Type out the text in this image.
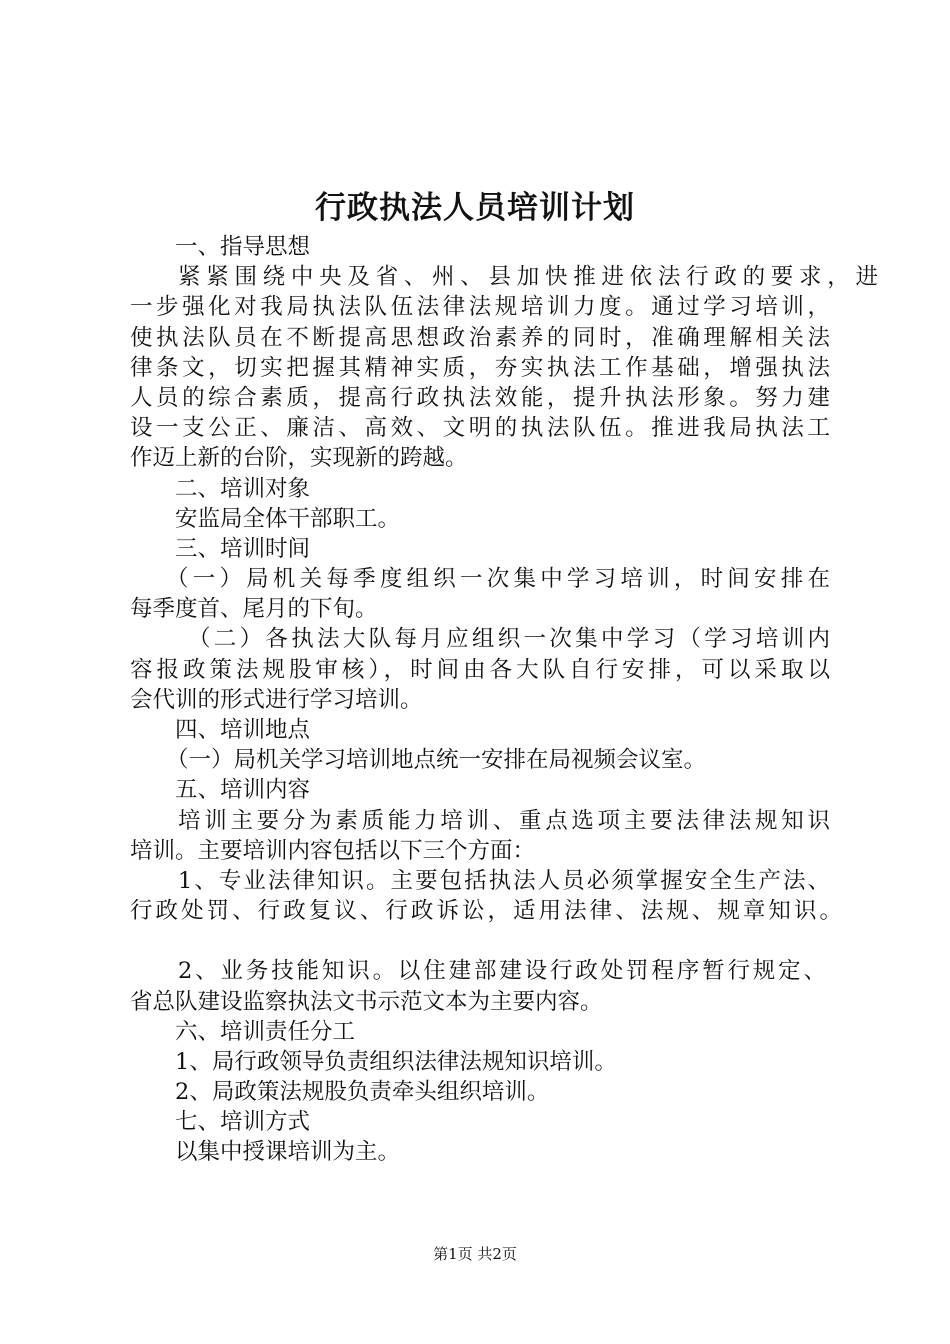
行政执法人员培训计划
一、指导思想
紧紧围绕中央及省、州、县加快推进依法行政的要求，进
一步强化对我局执法队伍法律法规培训力度。通过学习培训，
使执法队员在不断提高思想政治素养的同时，准确理解相关法
律条文，切实把握其精神实质，夯实执法工作基础，增强执法
人员的综合素质，提高行政执法效能，提升执法形象。努力建
设一支公正、廉洁、高效、文明的执法队伍。推进我局执法工
作迈上新的台阶，实现新的跨越。
二、培训对象
安监局全体干部职工。
三、培训时间
（一）局机关每季度组织一次集中学习培训，时间安排在
每季度首、尾月的下旬。
（二）各执法大队每月应组织一次集中学习（学习培训内
容报政策法规股审核），时间由各大队自行安排，可以采取以
会代训的形式进行学习培训。
四、培训地点
（一）局机关学习培训地点统一安排在局视频会议室。
五、培训内容
培训主要分为素质能力培训、重点选项主要法律法规知识
培训。主要培训内容包括以下三个方面：
1、专业法律知识。主要包括执法人员必须掌握安全生产法、
行政处罚、行政复议、行政诉讼，适用法律、法规、规章知识。
2、业务技能知识。以住建部建设行政处罚程序暂行规定、
省总队建设监察执法文书示范文本为主要内容。
六、培训责任分工
1、局行政领导负责组织法律法规知识培训。
2、局政策法规股负责牵头组织培训。
七、培训方式
以集中授课培训为主。
第1页 共2页
